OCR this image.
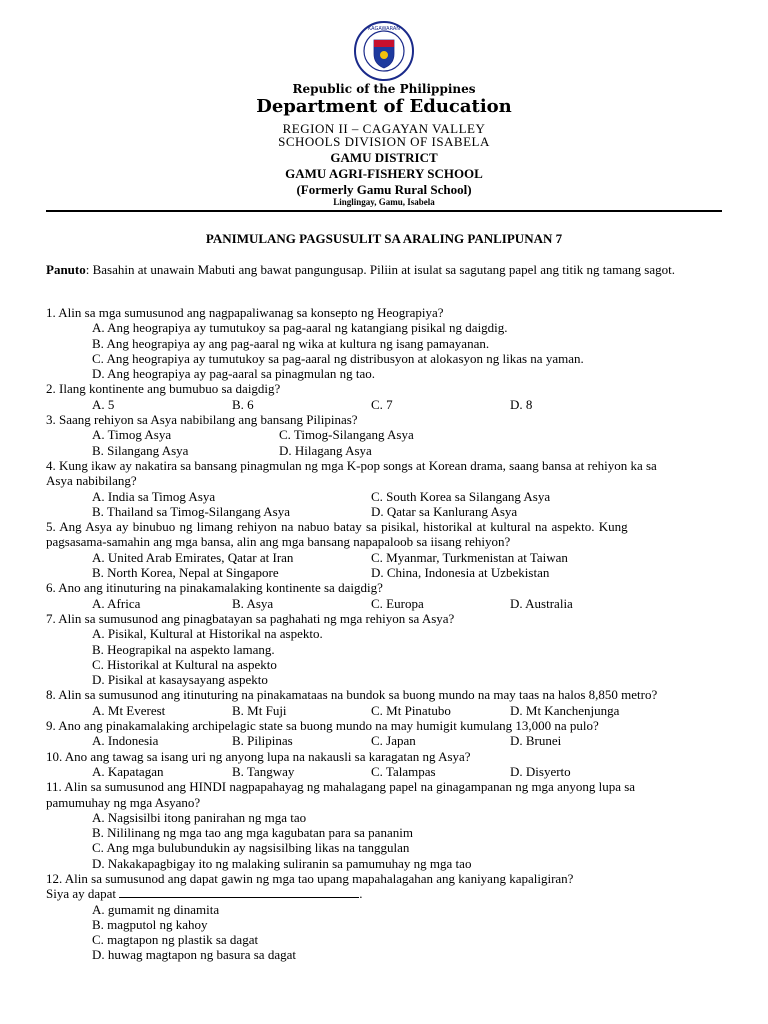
KAGAWARAN
Republic of the Philippines
Department of Education
REGION II – CAGAYAN VALLEY
SCHOOLS DIVISION OF ISABELA
GAMU DISTRICT
GAMU AGRI-FISHERY SCHOOL
(Formerly Gamu Rural School)
Linglingay, Gamu, Isabela
PANIMULANG PAGSUSULIT SA ARALING PANLIPUNAN 7
Panuto: Basahin at unawain Mabuti ang bawat pangungusap. Piliin at isulat sa sagutang papel ang titik ng tamang sagot.
1. Alin sa mga sumusunod ang nagpapaliwanag sa konsepto ng Heograpiya?
A. Ang heograpiya ay tumutukoy sa pag-aaral ng katangiang pisikal ng daigdig.
B. Ang heograpiya ay ang pag-aaral ng wika at kultura ng isang pamayanan.
C. Ang heograpiya ay tumutukoy sa pag-aaral ng distribusyon at alokasyon ng likas na yaman.
D. Ang heograpiya ay pag-aaral sa pinagmulan ng tao.
2. Ilang kontinente ang bumubuo sa daigdig?
A. 5	B. 6	C. 7	D. 8
3. Saang rehiyon sa Asya nabibilang ang bansang Pilipinas?
A. Timog Asya	C. Timog-Silangang Asya
B. Silangang Asya	D. Hilagang Asya
4. Kung ikaw ay nakatira sa bansang pinagmulan ng mga K-pop songs at Korean drama, saang bansa at rehiyon ka sa
Asya nabibilang?
A. India sa Timog Asya	C. South Korea sa Silangang Asya
B. Thailand sa Timog-Silangang Asya	D. Qatar sa Kanlurang Asya
5. Ang Asya ay binubuo ng limang rehiyon na nabuo batay sa pisikal, historikal at kultural na aspekto. Kung
pagsasama-samahin ang mga bansa, alin ang mga bansang napapaloob sa iisang rehiyon?
A. United Arab Emirates, Qatar at Iran	C. Myanmar, Turkmenistan at Taiwan
B. North Korea, Nepal at Singapore	D. China, Indonesia at Uzbekistan
6. Ano ang itinuturing na pinakamalaking kontinente sa daigdig?
A. Africa	B. Asya	C. Europa	D. Australia
7. Alin sa sumusunod ang pinagbatayan sa paghahati ng mga rehiyon sa Asya?
A. Pisikal, Kultural at Historikal na aspekto.
B. Heograpikal na aspekto lamang.
C. Historikal at Kultural na aspekto
D. Pisikal at kasaysayang aspekto
8. Alin sa sumusunod ang itinuturing na pinakamataas na bundok sa buong mundo na may taas na halos 8,850 metro?
A. Mt Everest	B. Mt Fuji	C. Mt Pinatubo	D. Mt Kanchenjunga
9. Ano ang pinakamalaking archipelagic state sa buong mundo na may humigit kumulang 13,000 na pulo?
A. Indonesia	B. Pilipinas	C. Japan	D. Brunei
10. Ano ang tawag sa isang uri ng anyong lupa na nakausli sa karagatan ng Asya?
A. Kapatagan	B. Tangway	C. Talampas	D. Disyerto
11. Alin sa sumusunod ang HINDI nagpapahayag ng mahalagang papel na ginagampanan ng mga anyong lupa sa
pamumuhay ng mga Asyano?
A. Nagsisilbi itong panirahan ng mga tao
B. Nililinang ng mga tao ang mga kagubatan para sa pananim
C. Ang mga bulubundukin ay nagsisilbing likas na tanggulan
D. Nakakapagbigay ito ng malaking suliranin sa pamumuhay ng mga tao
12. Alin sa sumusunod ang dapat gawin ng mga tao upang mapahalagahan ang kaniyang kapaligiran?
Siya ay dapat	.
A. gumamit ng dinamita
B. magputol ng kahoy
C. magtapon ng plastik sa dagat
D. huwag magtapon ng basura sa dagat
